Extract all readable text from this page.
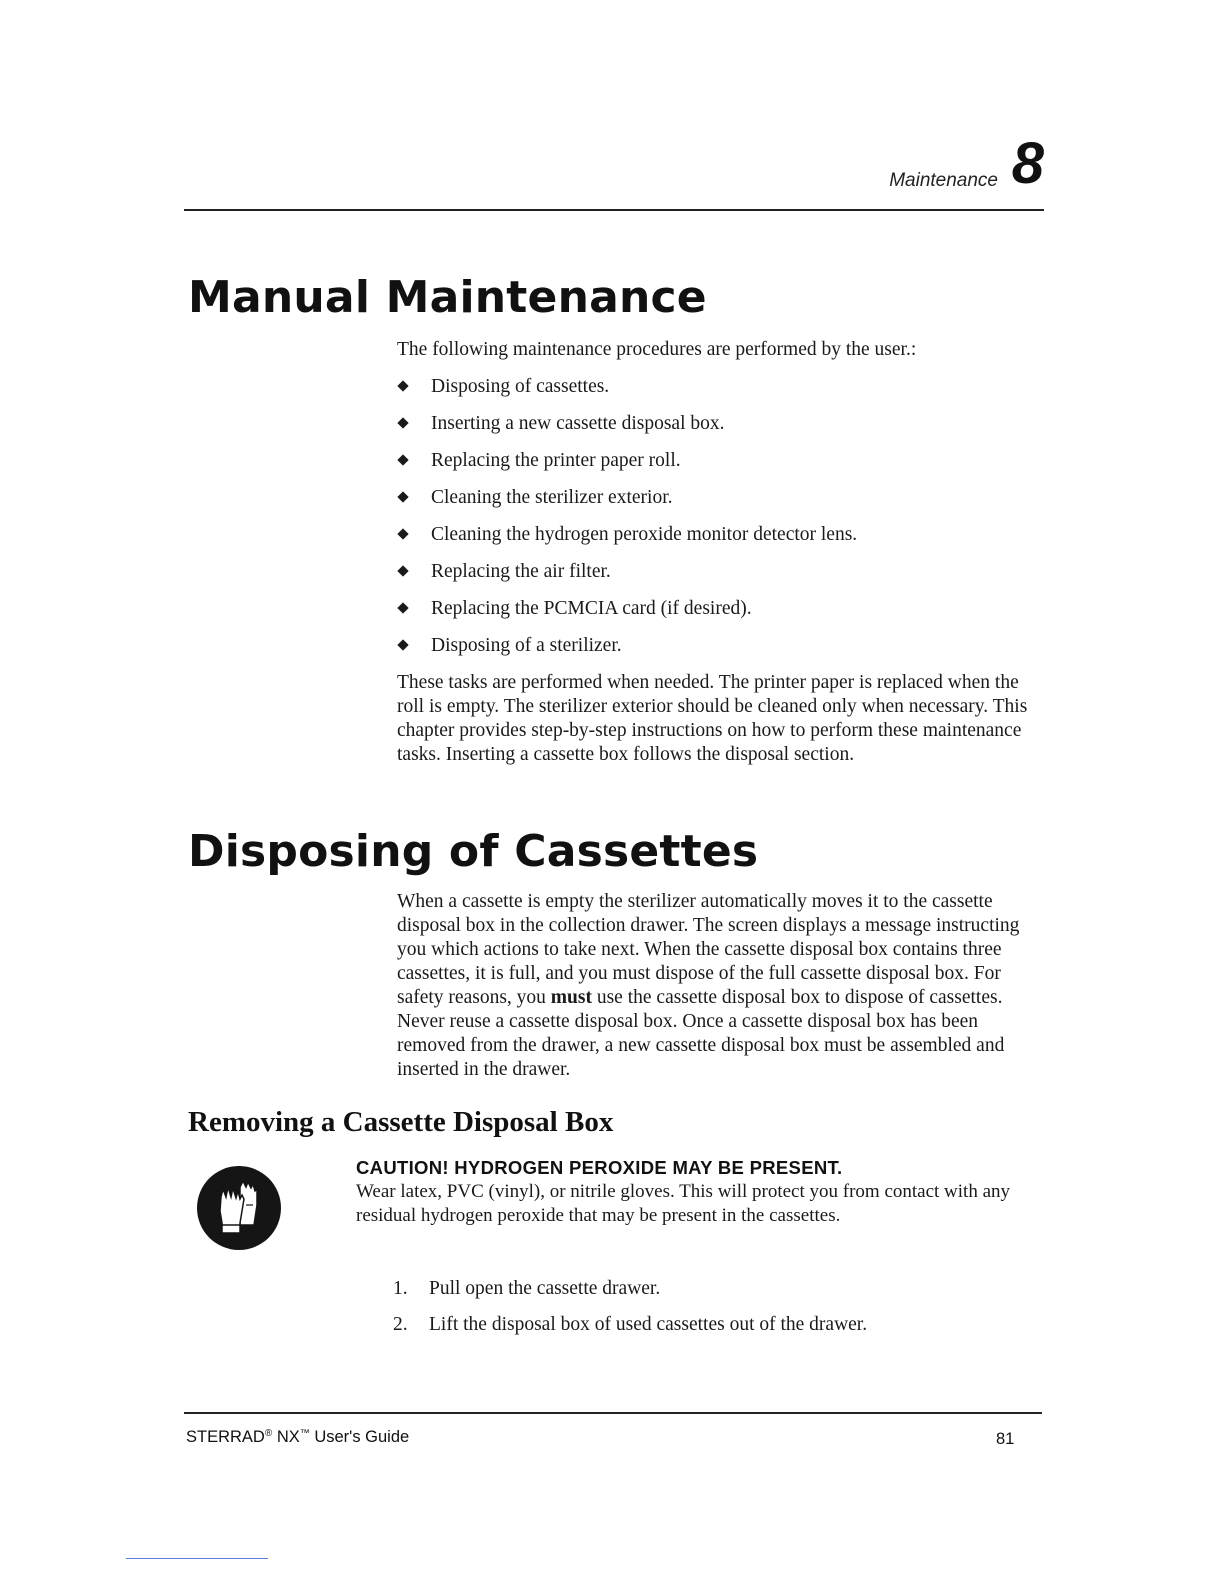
Maintenance 8
Manual Maintenance

The following maintenance procedures are performed by the user.:

Disposing of cassettes.
Inserting a new cassette disposal box.
Replacing the printer paper roll.
Cleaning the sterilizer exterior.
Cleaning the hydrogen peroxide monitor detector lens.
Replacing the air filter.
Replacing the PCMCIA card (if desired).
Disposing of a sterilizer.

These tasks are performed when needed. The printer paper is replaced when the roll is empty. The sterilizer exterior should be cleaned only when necessary. This chapter provides step-by-step instructions on how to perform these maintenance tasks. Inserting a cassette box follows the disposal section.

Disposing of Cassettes

When a cassette is empty the sterilizer automatically moves it to the cassette disposal box in the collection drawer. The screen displays a message instructing you which actions to take next. When the cassette disposal box contains three cassettes, it is full, and you must dispose of the full cassette disposal box. For safety reasons, you must use the cassette disposal box to dispose of cassettes. Never reuse a cassette disposal box. Once a cassette disposal box has been removed from the drawer, a new cassette disposal box must be assembled and inserted in the drawer.

Removing a Cassette Disposal Box
CAUTION! HYDROGEN PEROXIDE MAY BE PRESENT.
Wear latex, PVC (vinyl), or nitrile gloves. This will protect you from contact with any residual hydrogen peroxide that may be present in the cassettes.
1. Pull open the cassette drawer.
2. Lift the disposal box of used cassettes out of the drawer.
STERRAD® NX™ User's Guide	81
